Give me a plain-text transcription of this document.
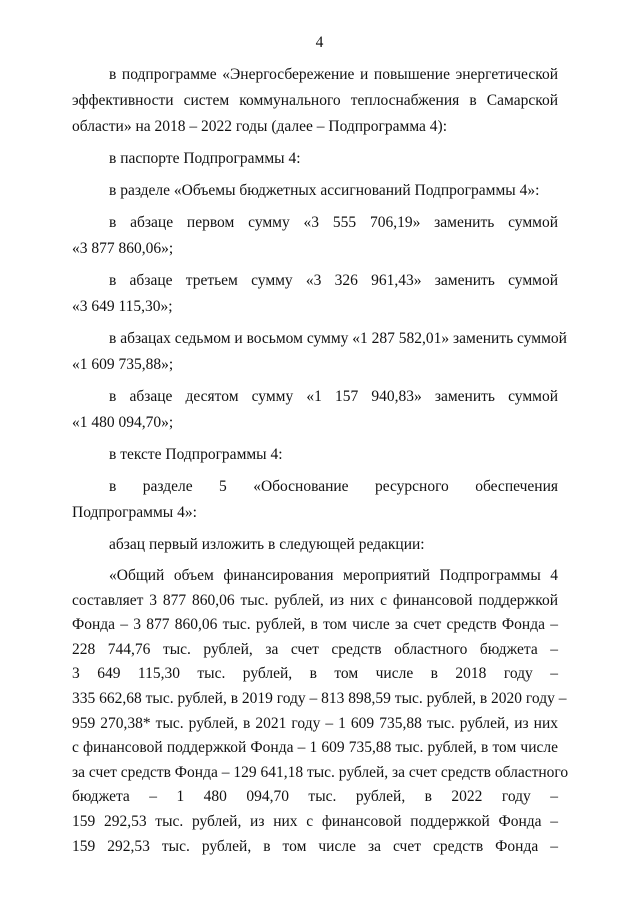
4
в подпрограмме «Энергосбережение и повышение энергетической
эффективности систем коммунального теплоснабжения в Самарской
области» на 2018 – 2022 годы (далее – Подпрограмма 4):
в паспорте Подпрограммы 4:
в разделе «Объемы бюджетных ассигнований Подпрограммы 4»:
в абзаце первом сумму «3 555 706,19» заменить суммой
«3 877 860,06»;
в абзаце третьем сумму «3 326 961,43» заменить суммой
«3 649 115,30»;
в абзацах седьмом и восьмом сумму «1 287 582,01» заменить суммой
«1 609 735,88»;
в абзаце десятом сумму «1 157 940,83» заменить суммой
«1 480 094,70»;
в тексте Подпрограммы 4:
в разделе 5 «Обоснование ресурсного обеспечения
Подпрограммы 4»:
абзац первый изложить в следующей редакции:
«Общий объем финансирования мероприятий Подпрограммы 4
составляет 3 877 860,06 тыс. рублей, из них с финансовой поддержкой
Фонда – 3 877 860,06 тыс. рублей, в том числе за счет средств Фонда –
228 744,76 тыс. рублей, за счет средств областного бюджета –
3 649 115,30 тыс. рублей, в том числе в 2018 году –
335 662,68 тыс. рублей, в 2019 году – 813 898,59 тыс. рублей, в 2020 году –
959 270,38* тыс. рублей, в 2021 году – 1 609 735,88 тыс. рублей, из них
с финансовой поддержкой Фонда – 1 609 735,88 тыс. рублей, в том числе
за счет средств Фонда – 129 641,18 тыс. рублей, за счет средств областного
бюджета – 1 480 094,70 тыс. рублей, в 2022 году –
159 292,53 тыс. рублей, из них с финансовой поддержкой Фонда –
159 292,53 тыс. рублей, в том числе за счет средств Фонда –
